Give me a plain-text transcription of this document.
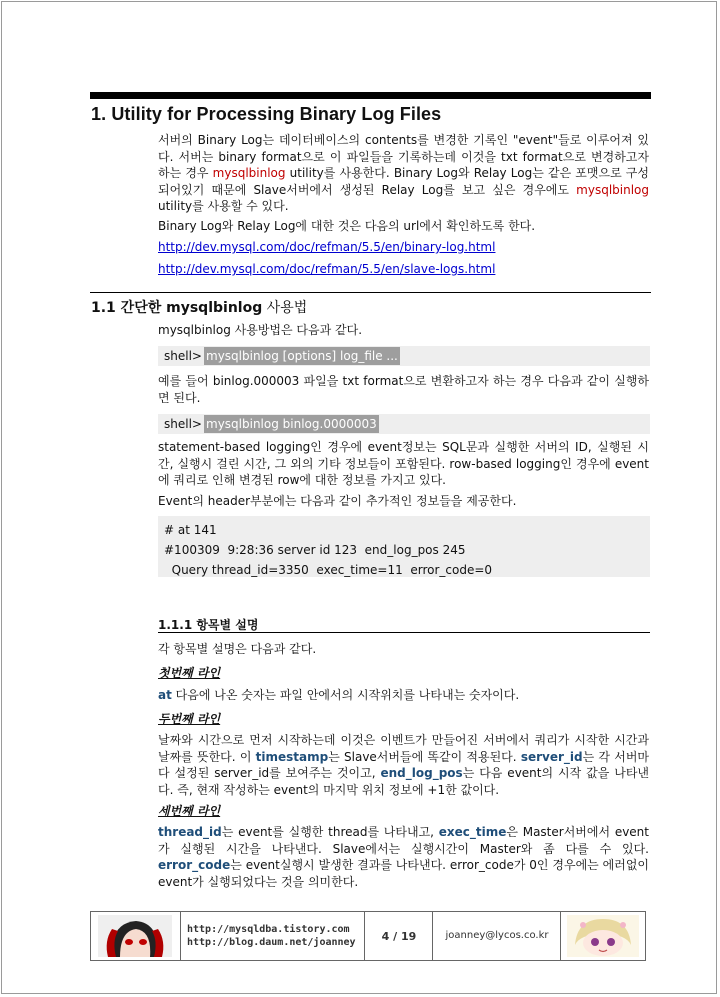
1. Utility for Processing Binary Log Files

서버의 Binary Log는 데이터베이스의 contents를 변경한 기록인 "event"들로 이루어져 있다. 서버는 binary format으로 이 파일들을 기록하는데 이것을 txt format으로 변경하고자 하는 경우 mysqlbinlog utility를 사용한다. Binary Log와 Relay Log는 같은 포맷으로 구성되어있기 때문에 Slave서버에서 생성된 Relay Log를 보고 싶은 경우에도 mysqlbinlog utility를 사용할 수 있다.

Binary Log와 Relay Log에 대한 것은 다음의 url에서 확인하도록 한다.

http://dev.mysql.com/doc/refman/5.5/en/binary-log.html
http://dev.mysql.com/doc/refman/5.5/en/slave-logs.html
1.1 간단한 mysqlbinlog 사용법

mysqlbinlog 사용방법은 다음과 같다.

shell> mysqlbinlog [options] log_file ...

예를 들어 binlog.000003 파일을 txt format으로 변환하고자 하는 경우 다음과 같이 실행하면 된다.

shell> mysqlbinlog binlog.0000003

statement-based logging인 경우에 event정보는 SQL문과 실행한 서버의 ID, 실행된 시간, 실행시 걸린 시간, 그 외의 기타 정보들이 포함된다. row-based logging인 경우에 event에 쿼리로 인해 변경된 row에 대한 정보를 가지고 있다.

Event의 header부분에는 다음과 같이 추가적인 정보들을 제공한다.

# at 141
#100309  9:28:36 server id 123  end_log_pos 245
Query thread_id=3350  exec_time=11  error_code=0
1.1.1 항목별 설명

각 항목별 설명은 다음과 같다.

첫번째 라인

at 다음에 나온 숫자는 파일 안에서의 시작위치를 나타내는 숫자이다.

두번째 라인

날짜와 시간으로 먼저 시작하는데 이것은 이벤트가 만들어진 서버에서 쿼리가 시작한 시간과 날짜를 뜻한다. 이 timestamp는 Slave서버들에 똑같이 적용된다. server_id는 각 서버마다 설정된 server_id를 보여주는 것이고, end_log_pos는 다음 event의 시작 값을 나타낸다. 즉, 현재 작성하는 event의 마지막 위치 정보에 +1한 값이다.

세번째 라인

thread_id는 event를 실행한 thread를 나타내고, exec_time은 Master서버에서 event가 실행된 시간을 나타낸다. Slave에서는 실행시간이 Master와 좀 다를 수 있다. error_code는 event실행시 발생한 결과를 나타낸다. error_code가 0인 경우에는 에러없이 event가 실행되었다는 것을 의미한다.

http://mysqldba.tistory.com
http://blog.daum.net/joanney	4 / 19	joanney@lycos.co.kr
